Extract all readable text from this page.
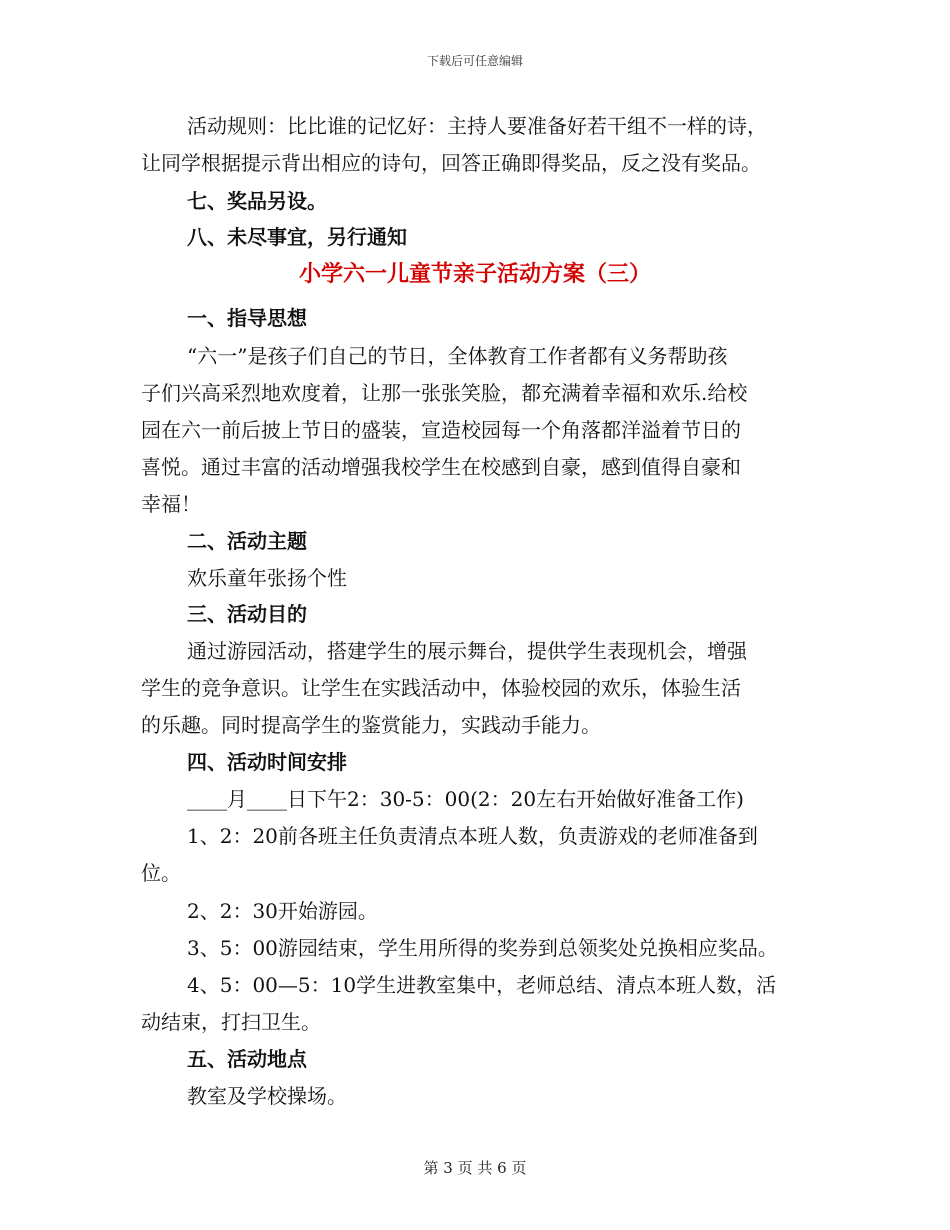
下载后可任意编辑
活动规则：比比谁的记忆好：主持人要准备好若干组不一样的诗，
让同学根据提示背出相应的诗句，回答正确即得奖品，反之没有奖品。
七、奖品另设。
八、未尽事宜，另行通知
小学六一儿童节亲子活动方案（三）
一、指导思想
“六一”是孩子们自己的节日，全体教育工作者都有义务帮助孩
子们兴高采烈地欢度着，让那一张张笑脸，都充满着幸福和欢乐.给校
园在六一前后披上节日的盛装，宣造校园每一个角落都洋溢着节日的
喜悦。通过丰富的活动增强我校学生在校感到自豪，感到值得自豪和
幸福！
二、活动主题
欢乐童年张扬个性
三、活动目的
通过游园活动，搭建学生的展示舞台，提供学生表现机会，增强
学生的竞争意识。让学生在实践活动中，体验校园的欢乐，体验生活
的乐趣。同时提高学生的鉴赏能力，实践动手能力。
四、活动时间安排
____月____日下午2：30-5：00(2：20左右开始做好准备工作)
1、2：20前各班主任负责清点本班人数，负责游戏的老师准备到
位。
2、2：30开始游园。
3、5：00游园结束，学生用所得的奖券到总领奖处兑换相应奖品。
4、5：00—5：10学生进教室集中，老师总结、清点本班人数，活
动结束，打扫卫生。
五、活动地点
教室及学校操场。
第 3 页 共 6 页
